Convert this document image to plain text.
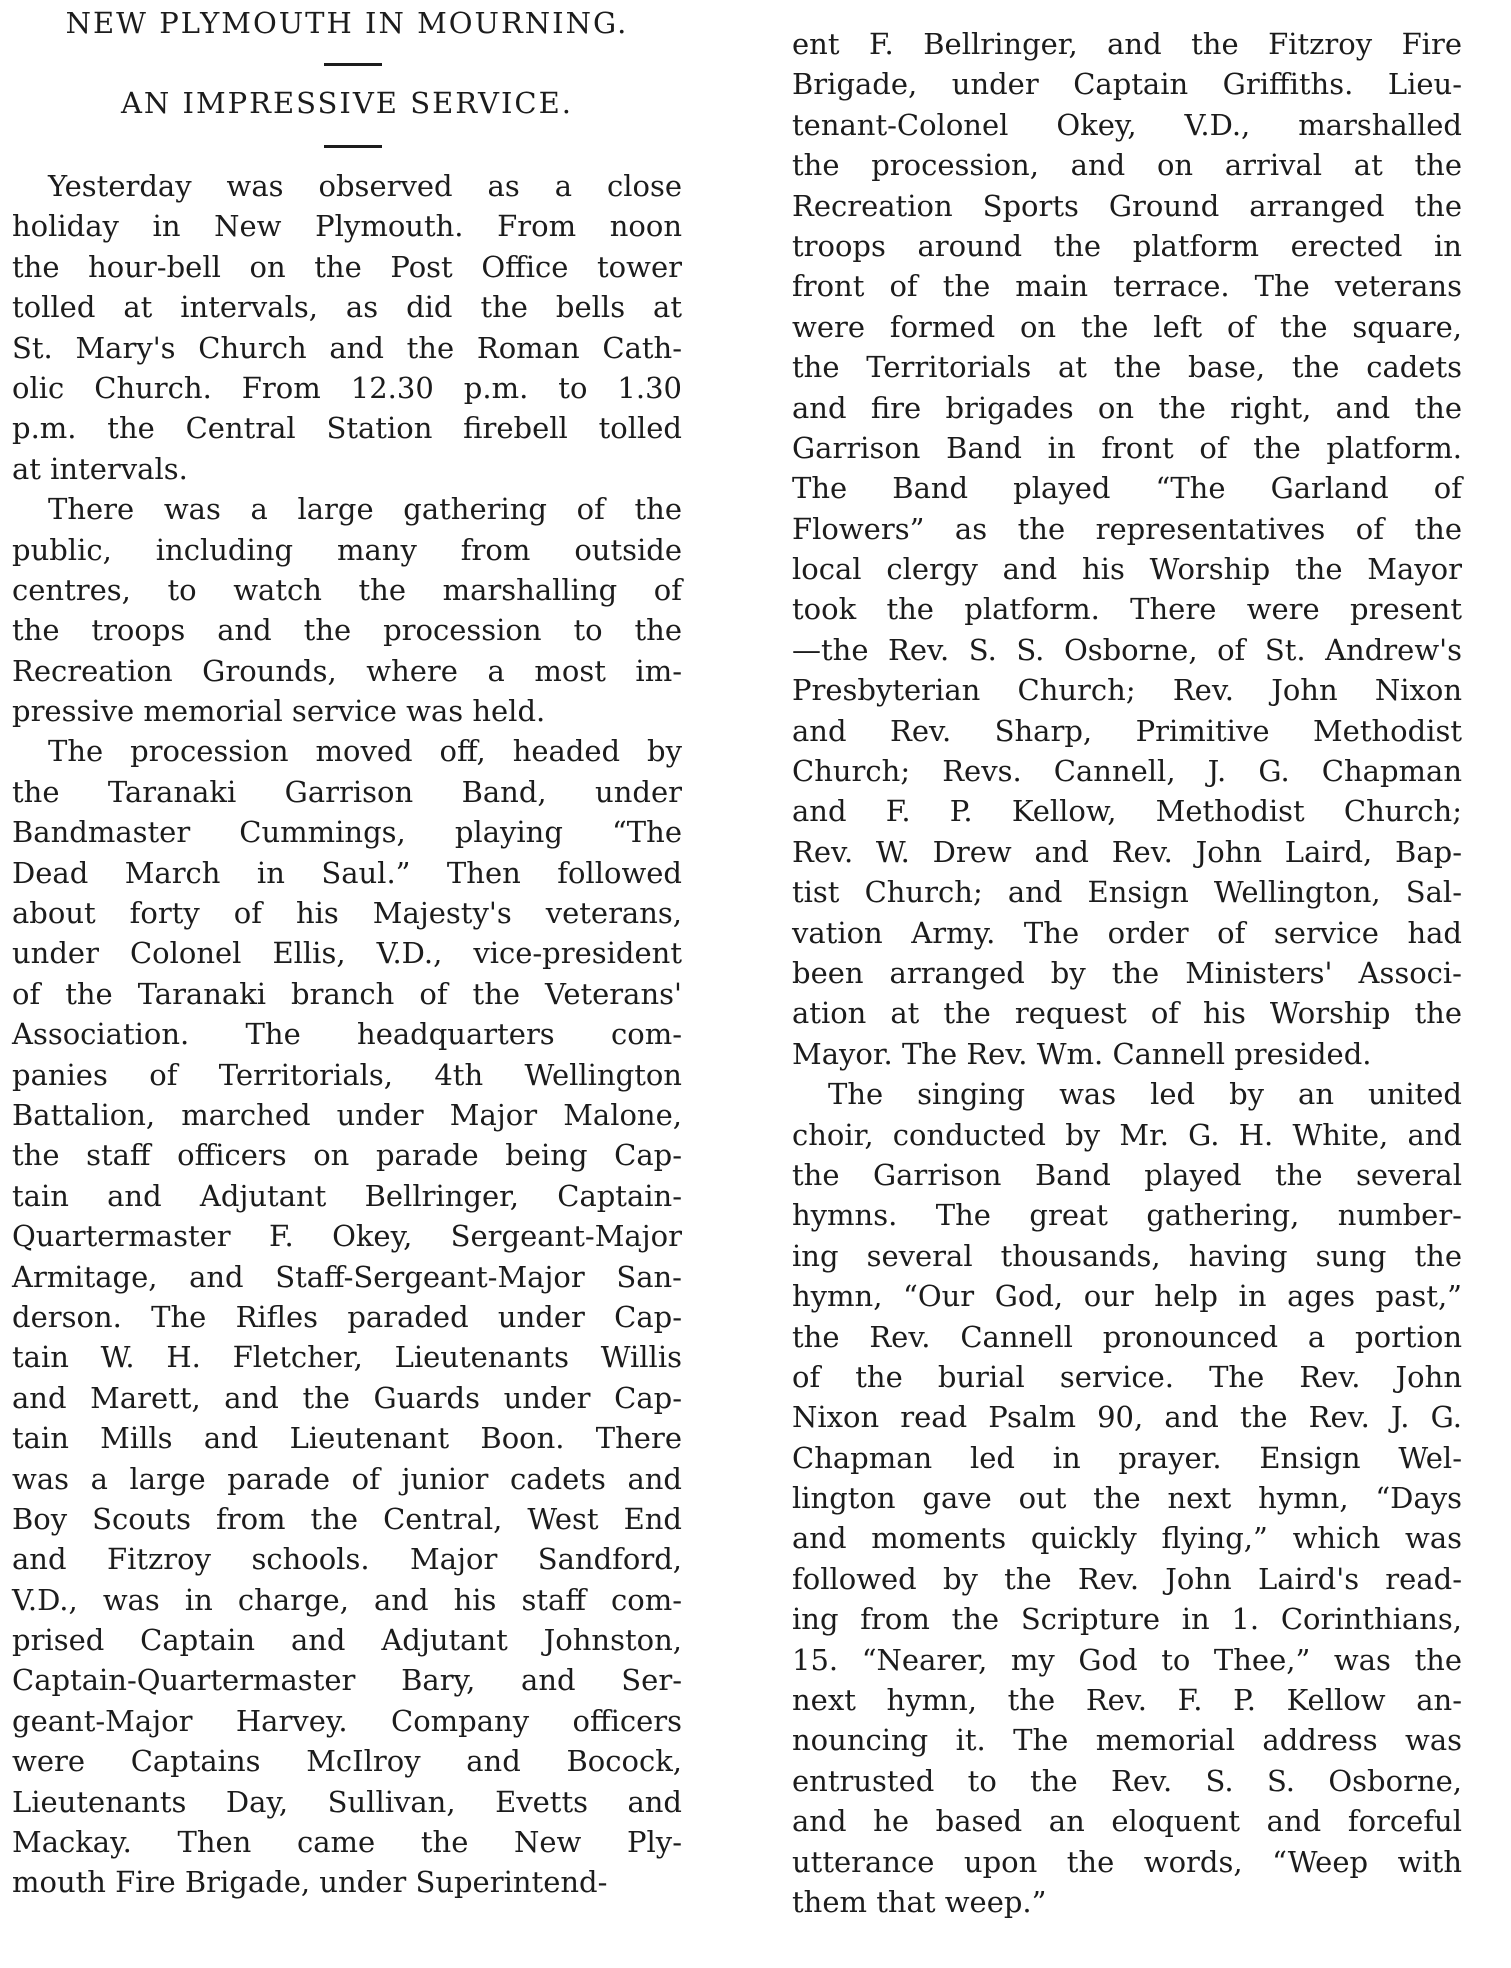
NEW PLYMOUTH IN MOURNING.
AN IMPRESSIVE SERVICE.
Yesterday was observed as a close
holiday in New Plymouth. From noon
the hour-bell on the Post Office tower
tolled at intervals, as did the bells at
St. Mary's Church and the Roman Cath-
olic Church. From 12.30 p.m. to 1.30
p.m. the Central Station firebell tolled
at intervals.
There was a large gathering of the
public, including many from outside
centres, to watch the marshalling of
the troops and the procession to the
Recreation Grounds, where a most im-
pressive memorial service was held.
The procession moved off, headed by
the Taranaki Garrison Band, under
Bandmaster Cummings, playing “The
Dead March in Saul.” Then followed
about forty of his Majesty's veterans,
under Colonel Ellis, V.D., vice-president
of the Taranaki branch of the Veterans'
Association. The headquarters com-
panies of Territorials, 4th Wellington
Battalion, marched under Major Malone,
the staff officers on parade being Cap-
tain and Adjutant Bellringer, Captain-
Quartermaster F. Okey, Sergeant-Major
Armitage, and Staff-Sergeant-Major San-
derson. The Rifles paraded under Cap-
tain W. H. Fletcher, Lieutenants Willis
and Marett, and the Guards under Cap-
tain Mills and Lieutenant Boon. There
was a large parade of junior cadets and
Boy Scouts from the Central, West End
and Fitzroy schools. Major Sandford,
V.D., was in charge, and his staff com-
prised Captain and Adjutant Johnston,
Captain-Quartermaster Bary, and Ser-
geant-Major Harvey. Company officers
were Captains McIlroy and Bocock,
Lieutenants Day, Sullivan, Evetts and
Mackay. Then came the New Ply-
mouth Fire Brigade, under Superintend-
ent F. Bellringer, and the Fitzroy Fire
Brigade, under Captain Griffiths. Lieu-
tenant-Colonel Okey, V.D., marshalled
the procession, and on arrival at the
Recreation Sports Ground arranged the
troops around the platform erected in
front of the main terrace. The veterans
were formed on the left of the square,
the Territorials at the base, the cadets
and fire brigades on the right, and the
Garrison Band in front of the platform.
The Band played “The Garland of
Flowers” as the representatives of the
local clergy and his Worship the Mayor
took the platform. There were present
—the Rev. S. S. Osborne, of St. Andrew's
Presbyterian Church; Rev. John Nixon
and Rev. Sharp, Primitive Methodist
Church; Revs. Cannell, J. G. Chapman
and F. P. Kellow, Methodist Church;
Rev. W. Drew and Rev. John Laird, Bap-
tist Church; and Ensign Wellington, Sal-
vation Army. The order of service had
been arranged by the Ministers' Associ-
ation at the request of his Worship the
Mayor. The Rev. Wm. Cannell presided.
The singing was led by an united
choir, conducted by Mr. G. H. White, and
the Garrison Band played the several
hymns. The great gathering, number-
ing several thousands, having sung the
hymn, “Our God, our help in ages past,”
the Rev. Cannell pronounced a portion
of the burial service. The Rev. John
Nixon read Psalm 90, and the Rev. J. G.
Chapman led in prayer. Ensign Wel-
lington gave out the next hymn, “Days
and moments quickly flying,” which was
followed by the Rev. John Laird's read-
ing from the Scripture in 1. Corinthians,
15. “Nearer, my God to Thee,” was the
next hymn, the Rev. F. P. Kellow an-
nouncing it. The memorial address was
entrusted to the Rev. S. S. Osborne,
and he based an eloquent and forceful
utterance upon the words, “Weep with
them that weep.”
